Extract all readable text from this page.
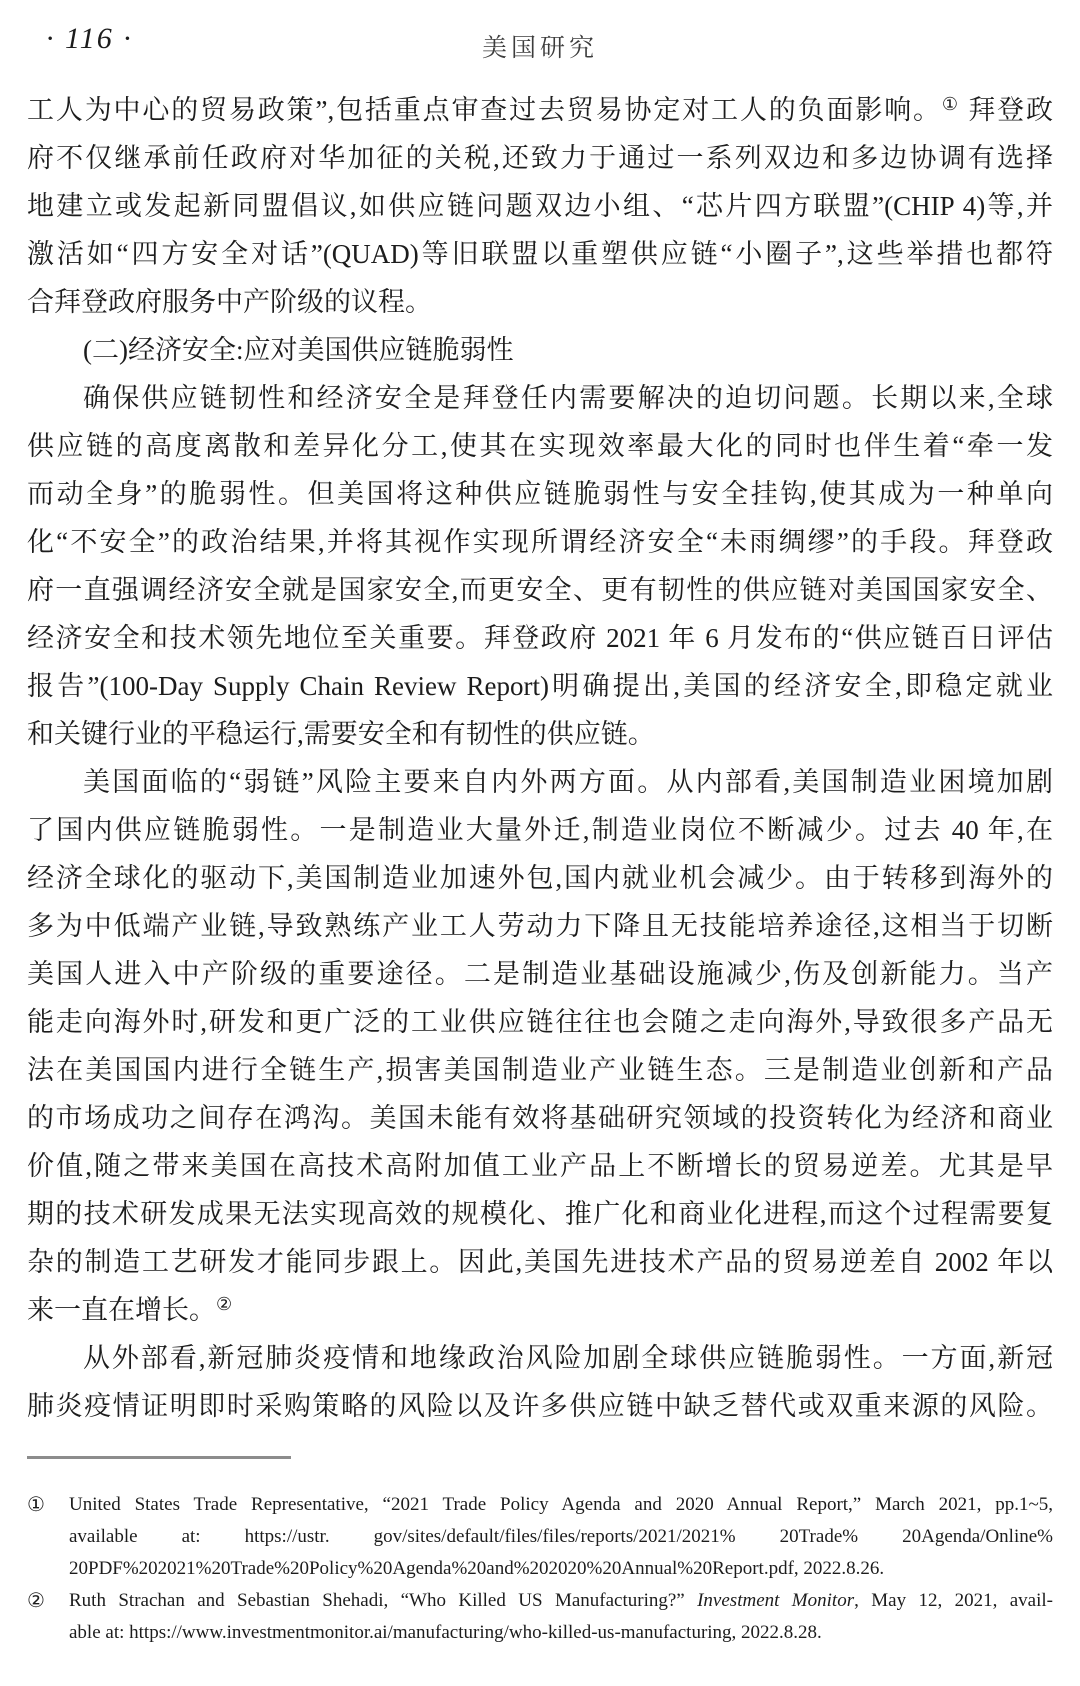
· 116 ·	美国研究
工人为中心的贸易政策”,包括重点审查过去贸易协定对工人的负面影响。① 拜登政
府不仅继承前任政府对华加征的关税,还致力于通过一系列双边和多边协调有选择
地建立或发起新同盟倡议,如供应链问题双边小组、“芯片四方联盟”(CHIP 4)等,并
激活如“四方安全对话”(QUAD)等旧联盟以重塑供应链“小圈子”,这些举措也都符
合拜登政府服务中产阶级的议程。
(二)经济安全:应对美国供应链脆弱性
确保供应链韧性和经济安全是拜登任内需要解决的迫切问题。长期以来,全球
供应链的高度离散和差异化分工,使其在实现效率最大化的同时也伴生着“牵一发
而动全身”的脆弱性。但美国将这种供应链脆弱性与安全挂钩,使其成为一种单向
化“不安全”的政治结果,并将其视作实现所谓经济安全“未雨绸缪”的手段。拜登政
府一直强调经济安全就是国家安全,而更安全、更有韧性的供应链对美国国家安全、
经济安全和技术领先地位至关重要。拜登政府 2021 年 6 月发布的“供应链百日评估
报告”(100-Day Supply Chain Review Report)明确提出,美国的经济安全,即稳定就业
和关键行业的平稳运行,需要安全和有韧性的供应链。
美国面临的“弱链”风险主要来自内外两方面。从内部看,美国制造业困境加剧
了国内供应链脆弱性。一是制造业大量外迁,制造业岗位不断减少。过去 40 年,在
经济全球化的驱动下,美国制造业加速外包,国内就业机会减少。由于转移到海外的
多为中低端产业链,导致熟练产业工人劳动力下降且无技能培养途径,这相当于切断
美国人进入中产阶级的重要途径。二是制造业基础设施减少,伤及创新能力。当产
能走向海外时,研发和更广泛的工业供应链往往也会随之走向海外,导致很多产品无
法在美国国内进行全链生产,损害美国制造业产业链生态。三是制造业创新和产品
的市场成功之间存在鸿沟。美国未能有效将基础研究领域的投资转化为经济和商业
价值,随之带来美国在高技术高附加值工业产品上不断增长的贸易逆差。尤其是早
期的技术研发成果无法实现高效的规模化、推广化和商业化进程,而这个过程需要复
杂的制造工艺研发才能同步跟上。因此,美国先进技术产品的贸易逆差自 2002 年以
来一直在增长。②
从外部看,新冠肺炎疫情和地缘政治风险加剧全球供应链脆弱性。一方面,新冠
肺炎疫情证明即时采购策略的风险以及许多供应链中缺乏替代或双重来源的风险。
①	United States Trade Representative, “2021 Trade Policy Agenda and 2020 Annual Report,” March 2021, pp.1~5,
available at: https://ustr. gov/sites/default/files/files/reports/2021/2021% 20Trade% 20Agenda/Online%
20PDF%202021%20Trade%20Policy%20Agenda%20and%202020%20Annual%20Report.pdf, 2022.8.26.
②	Ruth Strachan and Sebastian Shehadi, “Who Killed US Manufacturing?” Investment Monitor, May 12, 2021, avail-
able at: https://www.investmentmonitor.ai/manufacturing/who-killed-us-manufacturing, 2022.8.28.
